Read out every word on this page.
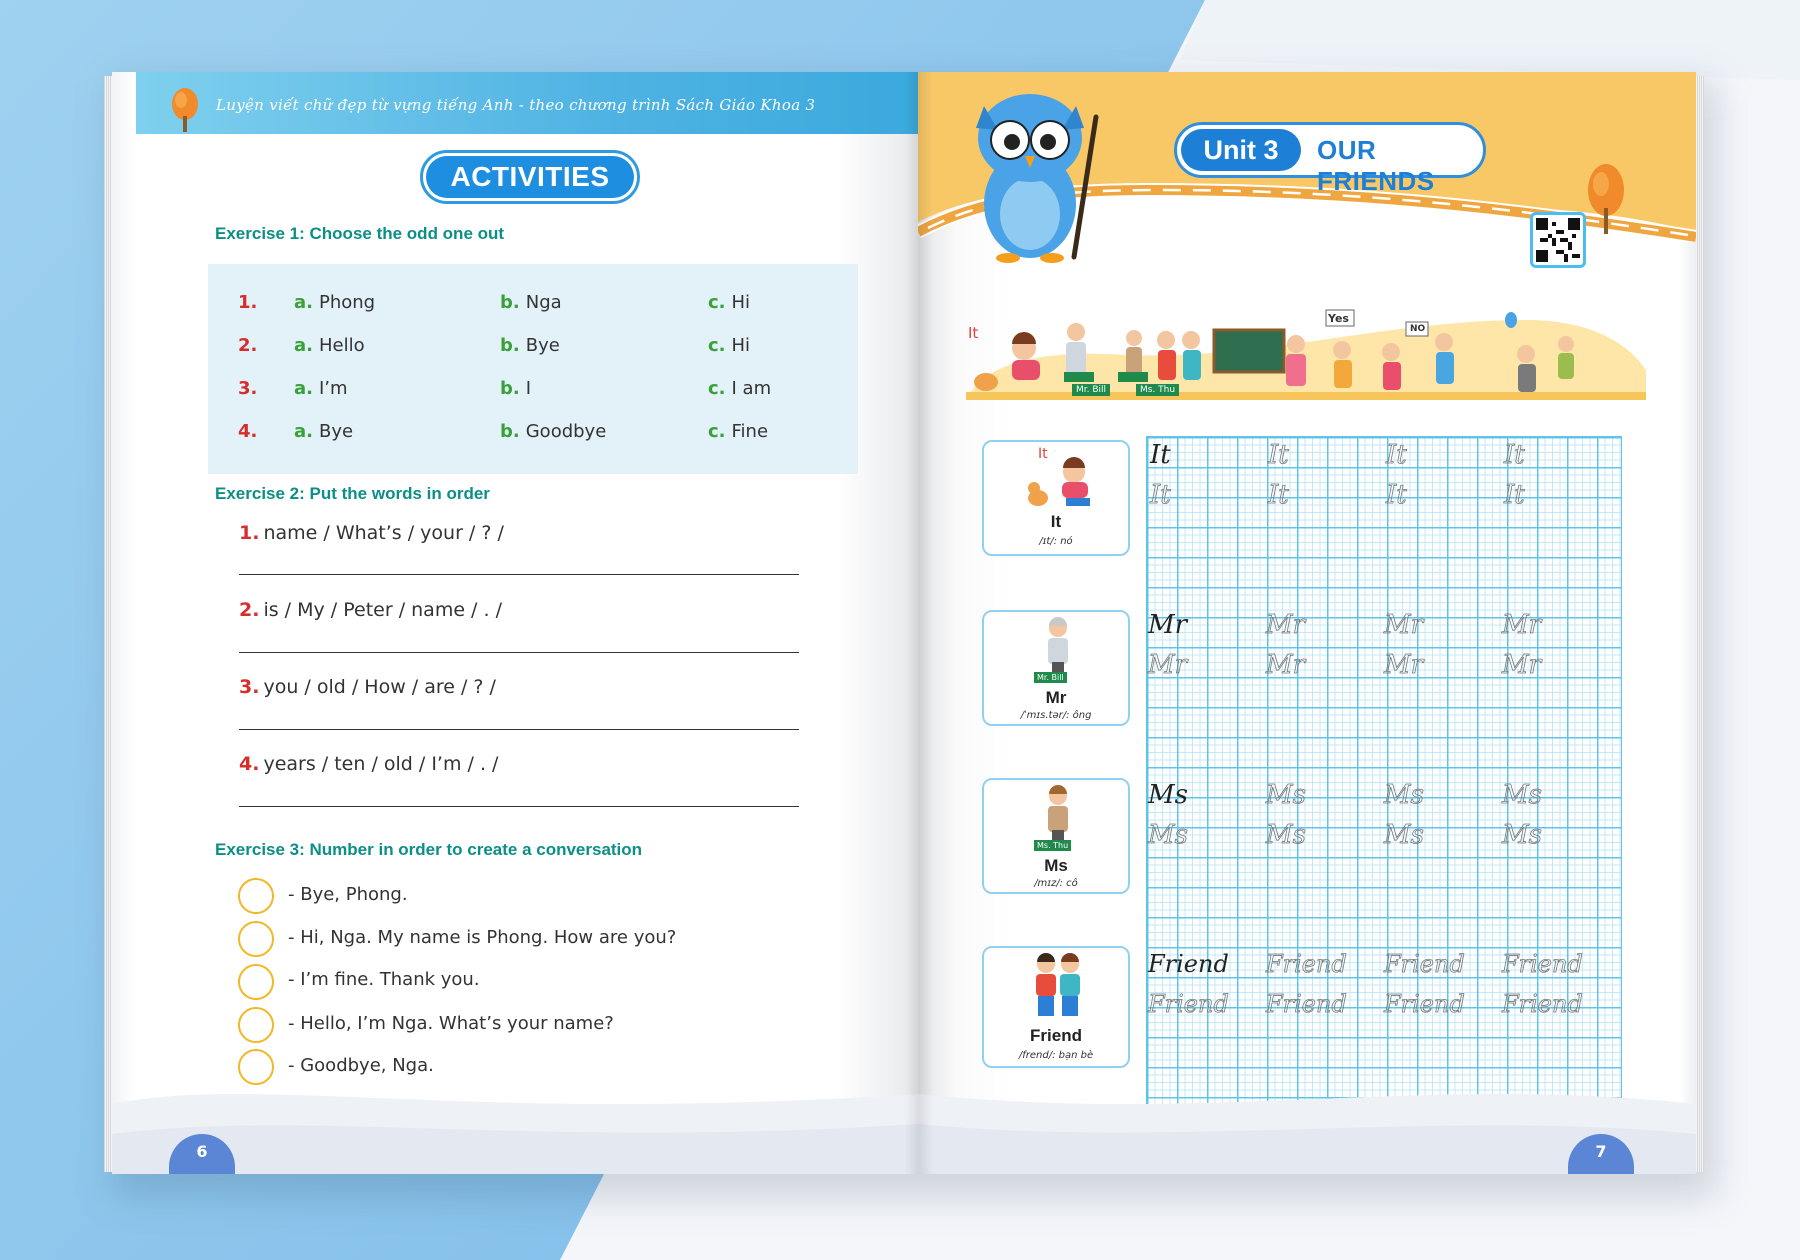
Luyện viết chữ đẹp từ vựng tiếng Anh - theo chương trình Sách Giáo Khoa 3
ACTIVITIES
Exercise 1: Choose the odd one out
1. a. Phong	b. Nga	c. Hi
2. a. Hello	b. Bye	c. Hi
3. a. I’m	b. I	c. I am
4. a. Bye	b. Goodbye	c. Fine
Exercise 2: Put the words in order
1. name / What’s / your / ? /
2. is / My / Peter / name / . /
3. you / old / How / are / ? /
4. years / ten / old / I’m / . /
Exercise 3: Number in order to create a conversation
- Bye, Phong.
- Hi, Nga. My name is Phong. How are you?
- I’m fine. Thank you.
- Hello, I’m Nga. What’s your name?
- Goodbye, Nga.
6
Unit 3	OUR FRIENDS
It
Mr. Bill	Ms. Thu
Yes
NO
It
It
/ɪt/: nó
Mr. Bill
Mr
/ˈmɪs.tər/: ông
Ms. Thu
Ms
/mɪz/: cô
Friend
/frend/: bạn bè
It	It	It	It
It	It	It	It
Mr	Mr	Mr	Mr
Mr	Mr	Mr	Mr
Ms	Ms	Ms	Ms
Ms	Ms	Ms	Ms
Friend Friend Friend Friend
Friend Friend Friend Friend
7
